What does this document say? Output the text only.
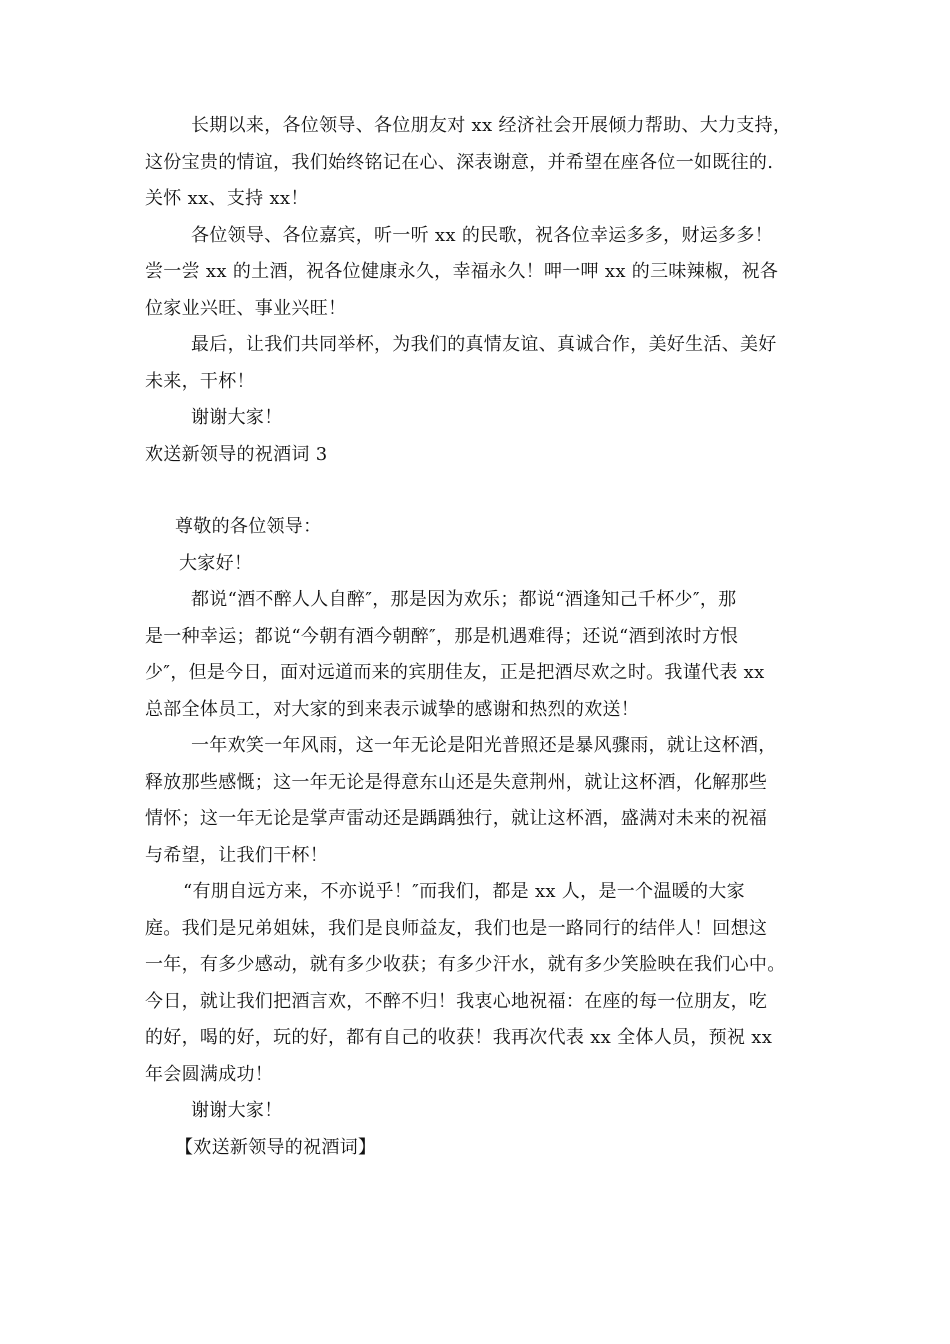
长期以来，各位领导、各位朋友对 xx 经济社会开展倾力帮助、大力支持，
这份宝贵的情谊，我们始终铭记在心、深表谢意，并希望在座各位一如既往的.
关怀 xx、支持 xx！
各位领导、各位嘉宾，听一听 xx 的民歌，祝各位幸运多多，财运多多！
尝一尝 xx 的土酒，祝各位健康永久，幸福永久！呷一呷 xx 的三味辣椒，祝各
位家业兴旺、事业兴旺！
最后，让我们共同举杯，为我们的真情友谊、真诚合作，美好生活、美好
未来，干杯！
谢谢大家！
欢送新领导的祝酒词 3
尊敬的各位领导：
大家好！
都说“酒不醉人人自醉″，那是因为欢乐；都说“酒逢知己千杯少″，那
是一种幸运；都说“今朝有酒今朝醉″，那是机遇难得；还说“酒到浓时方恨
少″，但是今日，面对远道而来的宾朋佳友，正是把酒尽欢之时。我谨代表 xx
总部全体员工，对大家的到来表示诚挚的感谢和热烈的欢送！
一年欢笑一年风雨，这一年无论是阳光普照还是暴风骤雨，就让这杯酒，
释放那些感慨；这一年无论是得意东山还是失意荆州，就让这杯酒，化解那些
情怀；这一年无论是掌声雷动还是踽踽独行，就让这杯酒，盛满对未来的祝福
与希望，让我们干杯！
“有朋自远方来，不亦说乎！″而我们，都是 xx 人，是一个温暖的大家
庭。我们是兄弟姐妹，我们是良师益友，我们也是一路同行的结伴人！回想这
一年，有多少感动，就有多少收获；有多少汗水，就有多少笑脸映在我们心中。
今日，就让我们把酒言欢，不醉不归！我衷心地祝福：在座的每一位朋友，吃
的好，喝的好，玩的好，都有自己的收获！我再次代表 xx 全体人员，预祝 xx
年会圆满成功！
谢谢大家！
【欢送新领导的祝酒词】
